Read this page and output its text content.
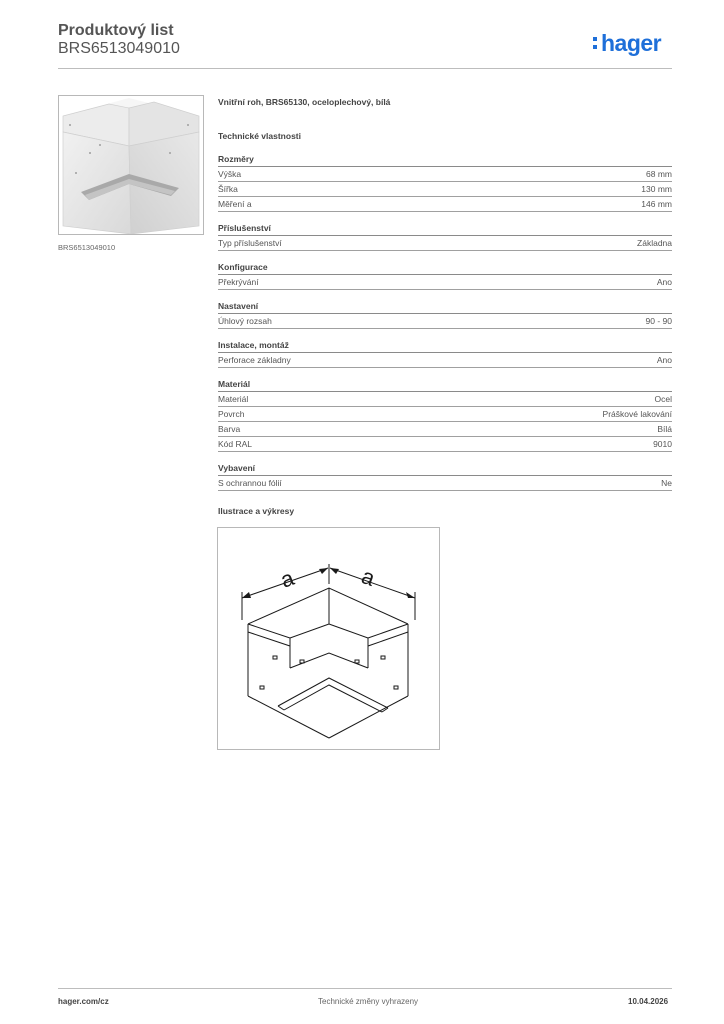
Produktový list
BRS6513049010	hager
BRS6513049010
Vnitřní roh, BRS65130, oceloplechový, bílá
Technické vlastnosti
Rozměry
Výška	68 mm
Šířka	130 mm
Měření a	146 mm
Příslušenství
Typ příslušenství	Základna
Konfigurace
Překrývání	Ano
Nastavení
Úhlový rozsah	90 - 90
Instalace, montáž
Perforace základny	Ano
Materiál
Materiál	Ocel
Povrch	Práškové lakování
Barva	Bílá
Kód RAL	9010
Vybavení
S ochrannou fólií	Ne
Ilustrace a výkresy
a	a
hager.com/cz	Technické změny vyhrazeny	10.04.2026
